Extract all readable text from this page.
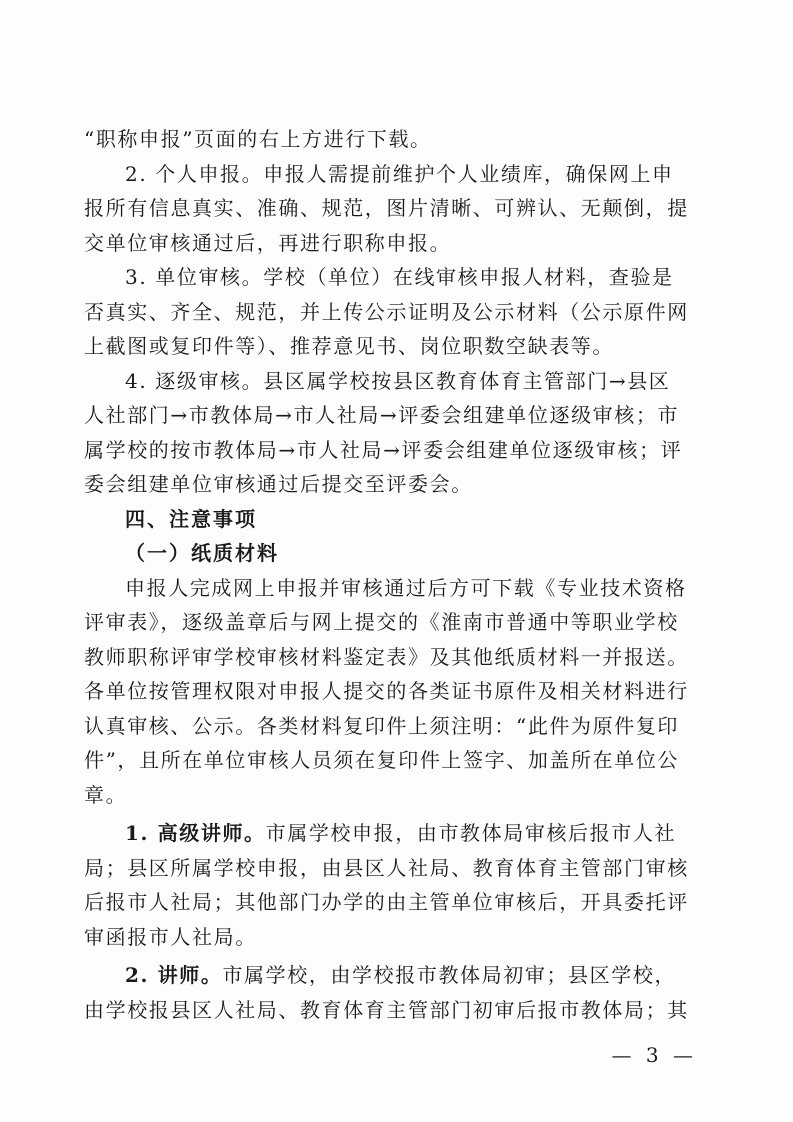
“职称申报”页面的右上方进行下载。
2. 个人申报。申报人需提前维护个人业绩库，确保网上申
报所有信息真实、准确、规范，图片清晰、可辨认、无颠倒，提
交单位审核通过后，再进行职称申报。
3. 单位审核。学校（单位）在线审核申报人材料，查验是
否真实、齐全、规范，并上传公示证明及公示材料（公示原件网
上截图或复印件等）、推荐意见书、岗位职数空缺表等。
4. 逐级审核。县区属学校按县区教育体育主管部门→县区
人社部门→市教体局→市人社局→评委会组建单位逐级审核；市
属学校的按市教体局→市人社局→评委会组建单位逐级审核；评
委会组建单位审核通过后提交至评委会。
四、注意事项
（一）纸质材料
申报人完成网上申报并审核通过后方可下载《专业技术资格
评审表》，逐级盖章后与网上提交的《淮南市普通中等职业学校
教师职称评审学校审核材料鉴定表》及其他纸质材料一并报送。
各单位按管理权限对申报人提交的各类证书原件及相关材料进行
认真审核、公示。各类材料复印件上须注明：“此件为原件复印
件”，且所在单位审核人员须在复印件上签字、加盖所在单位公
章。
1. 高级讲师。市属学校申报，由市教体局审核后报市人社
局；县区所属学校申报，由县区人社局、教育体育主管部门审核
后报市人社局；其他部门办学的由主管单位审核后，开具委托评
审函报市人社局。
2. 讲师。市属学校，由学校报市教体局初审；县区学校，
由学校报县区人社局、教育体育主管部门初审后报市教体局；其
— 3 —
